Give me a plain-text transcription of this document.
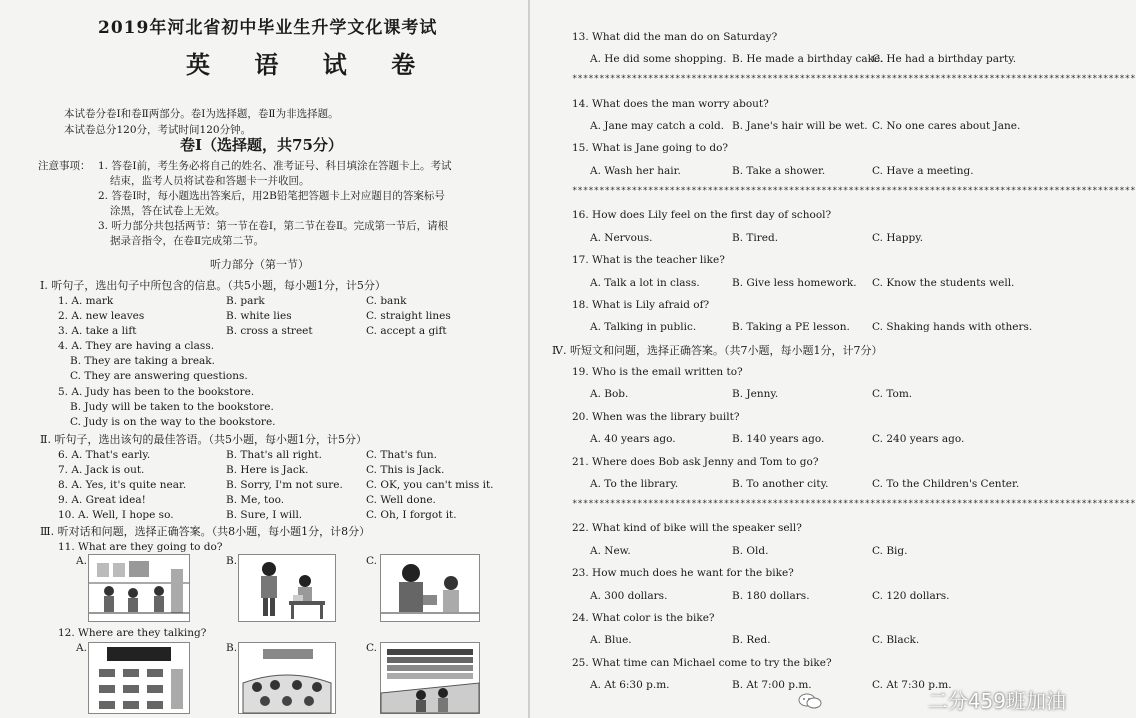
2019年河北省初中毕业生升学文化课考试
英 语 试 卷
本试卷分卷Ⅰ和卷Ⅱ两部分。卷Ⅰ为选择题，卷Ⅱ为非选择题。
本试卷总分120分，考试时间120分钟。
卷Ⅰ（选择题，共75分）
注意事项： 1. 答卷Ⅰ前，考生务必将自己的姓名、准考证号、科目填涂在答题卡上。考试
结束，监考人员将试卷和答题卡一并收回。
2. 答卷Ⅰ时，每小题选出答案后，用2B铅笔把答题卡上对应题目的答案标号
涂黑，答在试卷上无效。
3. 听力部分共包括两节：第一节在卷Ⅰ，第二节在卷Ⅱ。完成第一节后，请根
据录音指令，在卷Ⅱ完成第二节。
听力部分（第一节）
Ⅰ. 听句子，选出句子中所包含的信息。（共5小题，每小题1分，计5分）
1. A. mark	B. park	C. bank
2. A. new leaves	B. white lies	C. straight lines
3. A. take a lift	B. cross a street	C. accept a gift
4. A. They are having a class.
B. They are taking a break.
C. They are answering questions.
5. A. Judy has been to the bookstore.
B. Judy will be taken to the bookstore.
C. Judy is on the way to the bookstore.
Ⅱ. 听句子，选出该句的最佳答语。（共5小题，每小题1分，计5分）
6. A. That's early.	B. That's all right.	C. That's fun.
7. A. Jack is out.	B. Here is Jack.	C. This is Jack.
8. A. Yes, it's quite near.	B. Sorry, I'm not sure. C. OK, you can't miss it.
9. A. Great idea!	B. Me, too.	C. Well done.
10. A. Well, I hope so.	B. Sure, I will.	C. Oh, I forgot it.
Ⅲ. 听对话和问题，选择正确答案。（共8小题，每小题1分，计8分）
11. What are they going to do?
A.	B.	C.
12. Where are they talking?
A.	B.	C.
13. What did the man do on Saturday?
A. He did some shopping. B. He made a birthday cake.
C. He had a birthday party.
********************************************************************************************************
14. What does the man worry about?
A. Jane may catch a cold. B. Jane's hair will be wet. C. No one cares about Jane.
15. What is Jane going to do?
A. Wash her hair.	B. Take a shower.	C. Have a meeting.
********************************************************************************************************
16. How does Lily feel on the first day of school?
A. Nervous.	B. Tired.	C. Happy.
17. What is the teacher like?
A. Talk a lot in class.	B. Give less homework. C. Know the students well.
18. What is Lily afraid of?
A. Talking in public.	B. Taking a PE lesson. C. Shaking hands with others.
Ⅳ. 听短文和问题，选择正确答案。（共7小题，每小题1分，计7分）
19. Who is the email written to?
A. Bob.	B. Jenny.	C. Tom.
20. When was the library built?
A. 40 years ago.	B. 140 years ago.	C. 240 years ago.
21. Where does Bob ask Jenny and Tom to go?
A. To the library.	B. To another city.	C. To the Children's Center.
********************************************************************************************************
22. What kind of bike will the speaker sell?
A. New.	B. Old.	C. Big.
23. How much does he want for the bike?
A. 300 dollars.	B. 180 dollars.	C. 120 dollars.
24. What color is the bike?
A. Blue.	B. Red.	C. Black.
25. What time can Michael come to try the bike?
A. At 6:30 p.m.	B. At 7:00 p.m.	C. At 7:30 p.m.
二分459班加油
